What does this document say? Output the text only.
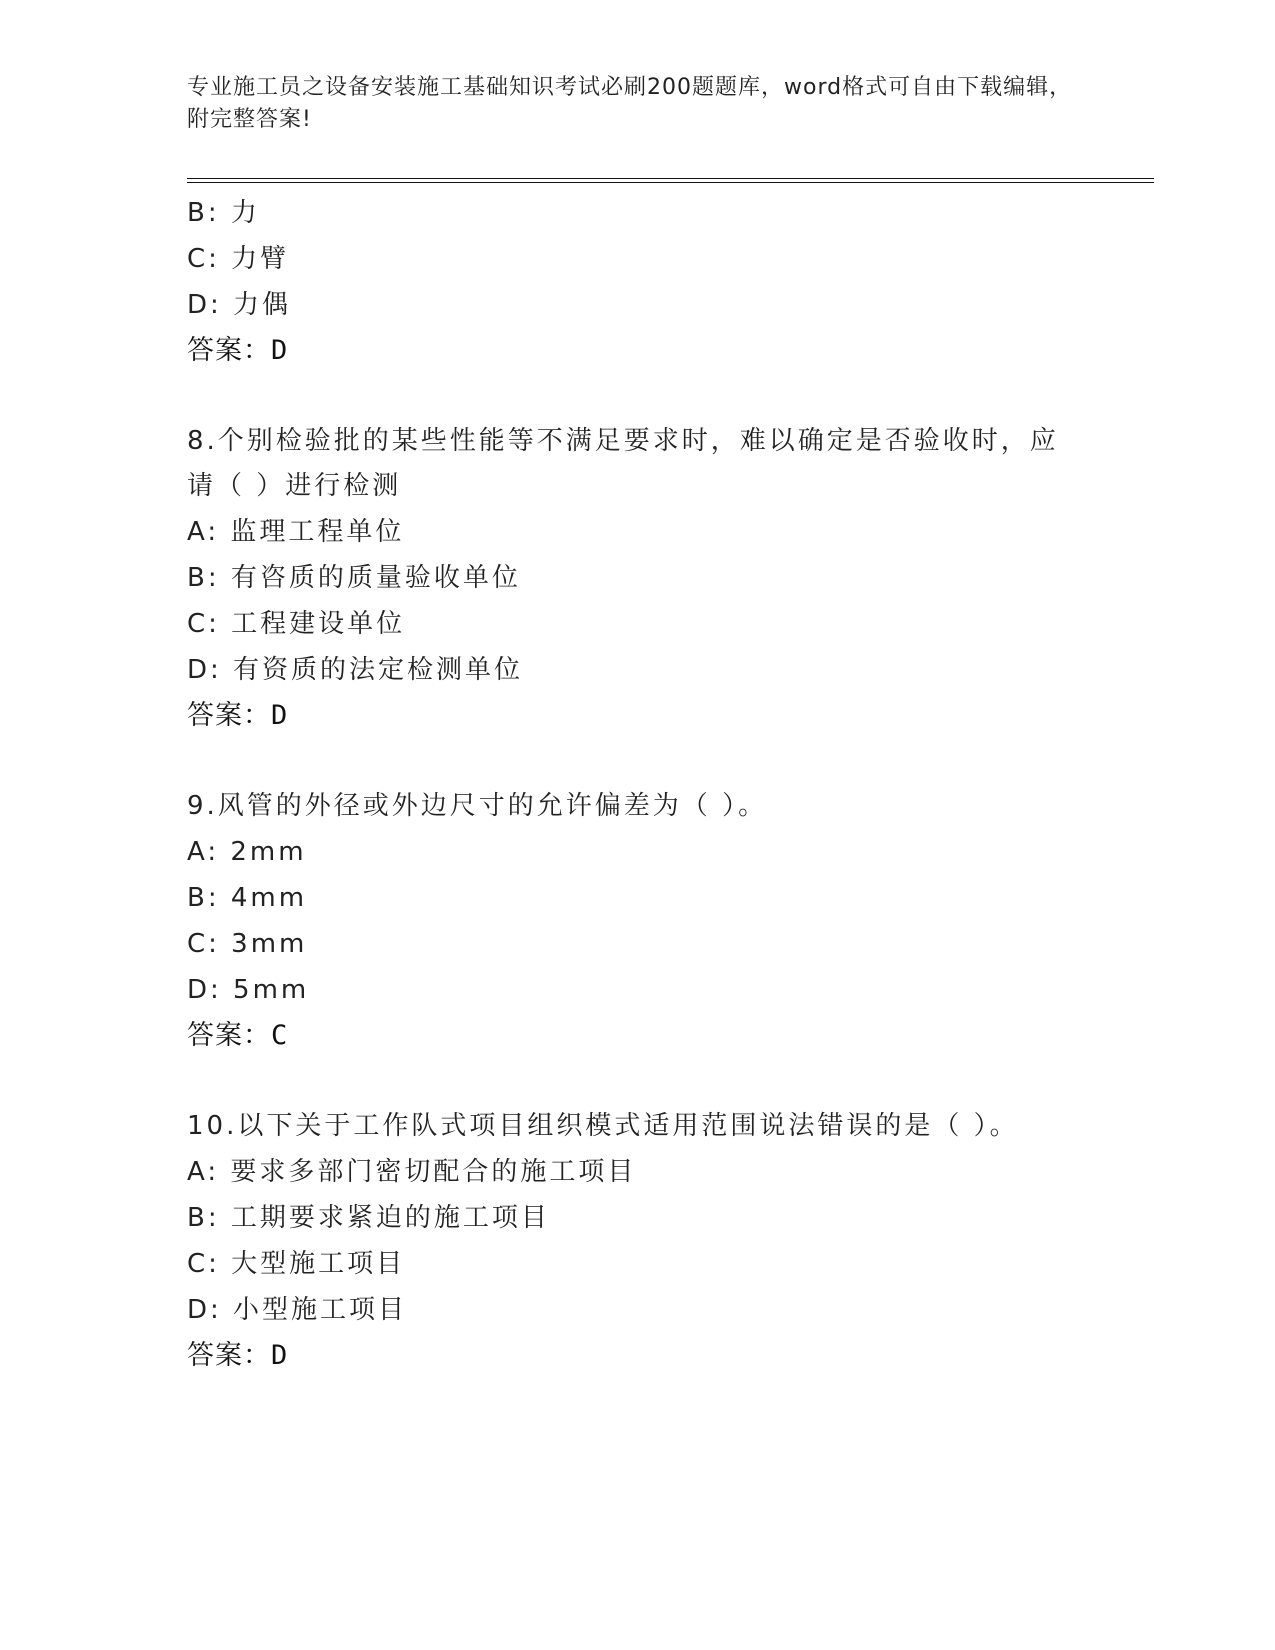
专业施工员之设备安装施工基础知识考试必刷200题题库，word格式可自由下载编辑，附完整答案!
B: 力
C: 力臂
D: 力偶
答案：D
8.个别检验批的某些性能等不满足要求时，难以确定是否验收时，应请（ ）进行检测
A: 监理工程单位
B: 有咨质的质量验收单位
C: 工程建设单位
D: 有资质的法定检测单位
答案：D
9.风管的外径或外边尺寸的允许偏差为（ ）。
A: 2mm
B: 4mm
C: 3mm
D: 5mm
答案：C
10.以下关于工作队式项目组织模式适用范围说法错误的是（ ）。
A: 要求多部门密切配合的施工项目
B: 工期要求紧迫的施工项目
C: 大型施工项目
D: 小型施工项目
答案：D
